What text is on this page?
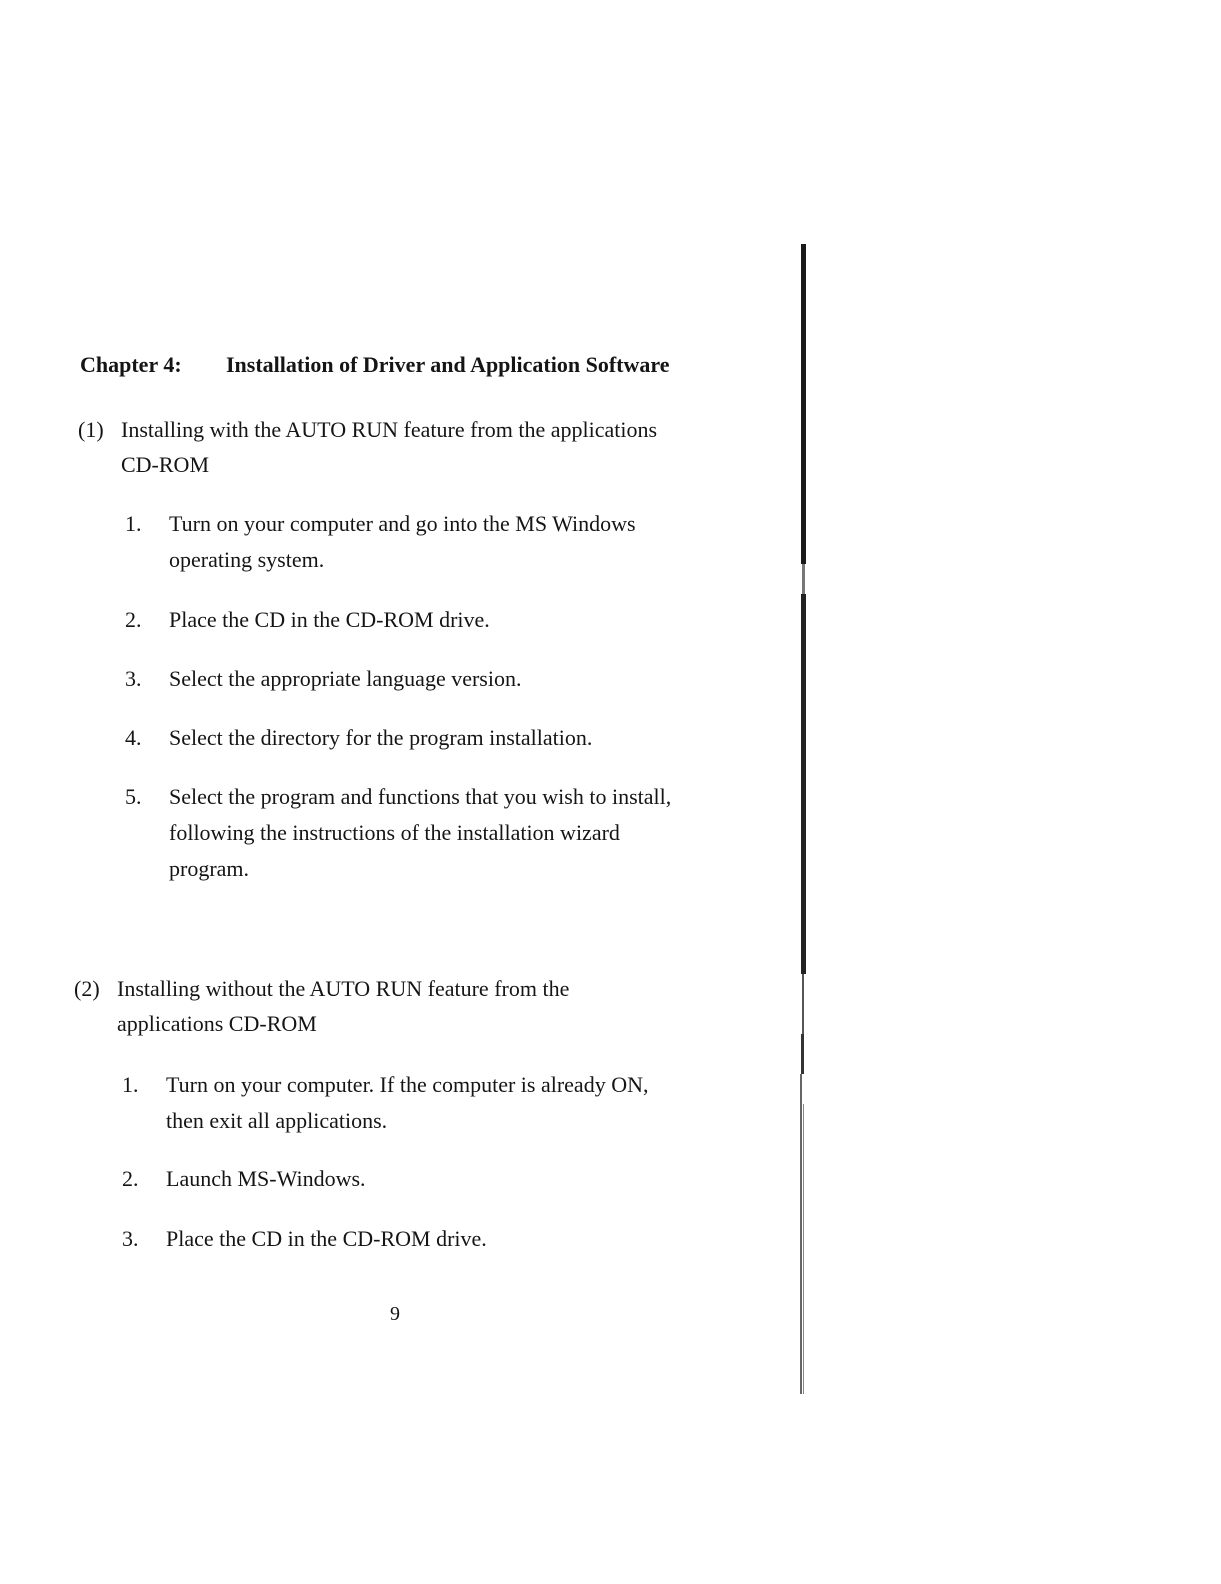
Chapter 4: Installation of Driver and Application Software
(1) Installing with the AUTO RUN feature from the applications
CD-ROM
1. Turn on your computer and go into the MS Windows
operating system.
2. Place the CD in the CD-ROM drive.
3. Select the appropriate language version.
4. Select the directory for the program installation.
5. Select the program and functions that you wish to install,
following the instructions of the installation wizard
program.
(2) Installing without the AUTO RUN feature from the
applications CD-ROM
1. Turn on your computer. If the computer is already ON,
then exit all applications.
2. Launch MS-Windows.
3. Place the CD in the CD-ROM drive.
9
